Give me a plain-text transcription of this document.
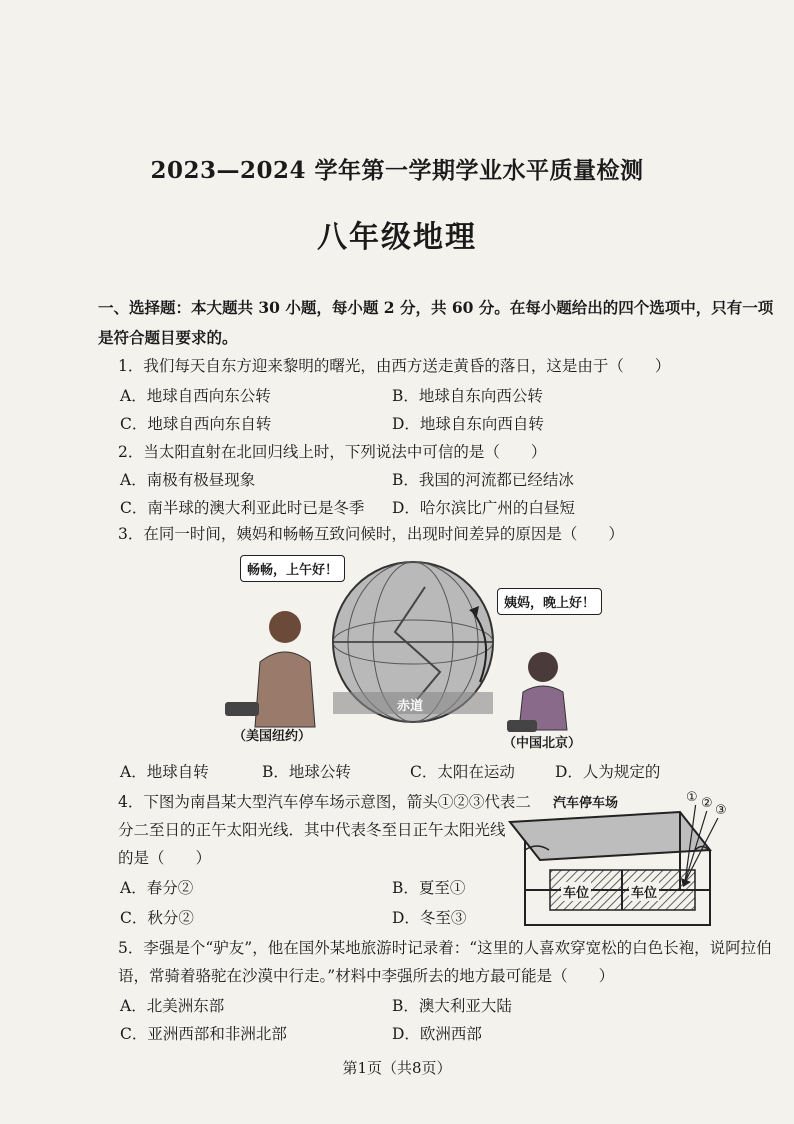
2023—2024 学年第一学期学业水平质量检测
八年级地理
一、选择题：本大题共 30 小题，每小题 2 分，共 60 分。在每小题给出的四个选项中，只有一项
是符合题目要求的。
1．我们每天自东方迎来黎明的曙光，由西方送走黄昏的落日，这是由于（　　）
A．地球自西向东公转	B．地球自东向西公转
C．地球自西向东自转	D．地球自东向西自转
2．当太阳直射在北回归线上时，下列说法中可信的是（　　）
A．南极有极昼现象	B．我国的河流都已经结冰
C．南半球的澳大利亚此时已是冬季 D．哈尔滨比广州的白昼短
3．在同一时间，姨妈和畅畅互致问候时，出现时间差异的原因是（　　）
畅畅，上午好！
姨妈，晚上好！
赤道
（美国纽约）	（中国北京）
A．地球自转	B．地球公转	C．太阳在运动	D．人为规定的
4．下图为南昌某大型汽车停车场示意图，箭头①②③代表二
分二至日的正午太阳光线．其中代表冬至日正午太阳光线
的是（　　）
A．春分②	B．夏至①
C．秋分②	D．冬至③
汽车停车场	① ② ③
车位	车位
5．李强是个“驴友”，他在国外某地旅游时记录着：“这里的人喜欢穿宽松的白色长袍，说阿拉伯
语，常骑着骆驼在沙漠中行走。”材料中李强所去的地方最可能是（　　）
A．北美洲东部	B．澳大利亚大陆
C．亚洲西部和非洲北部	D．欧洲西部
第1页（共8页）
